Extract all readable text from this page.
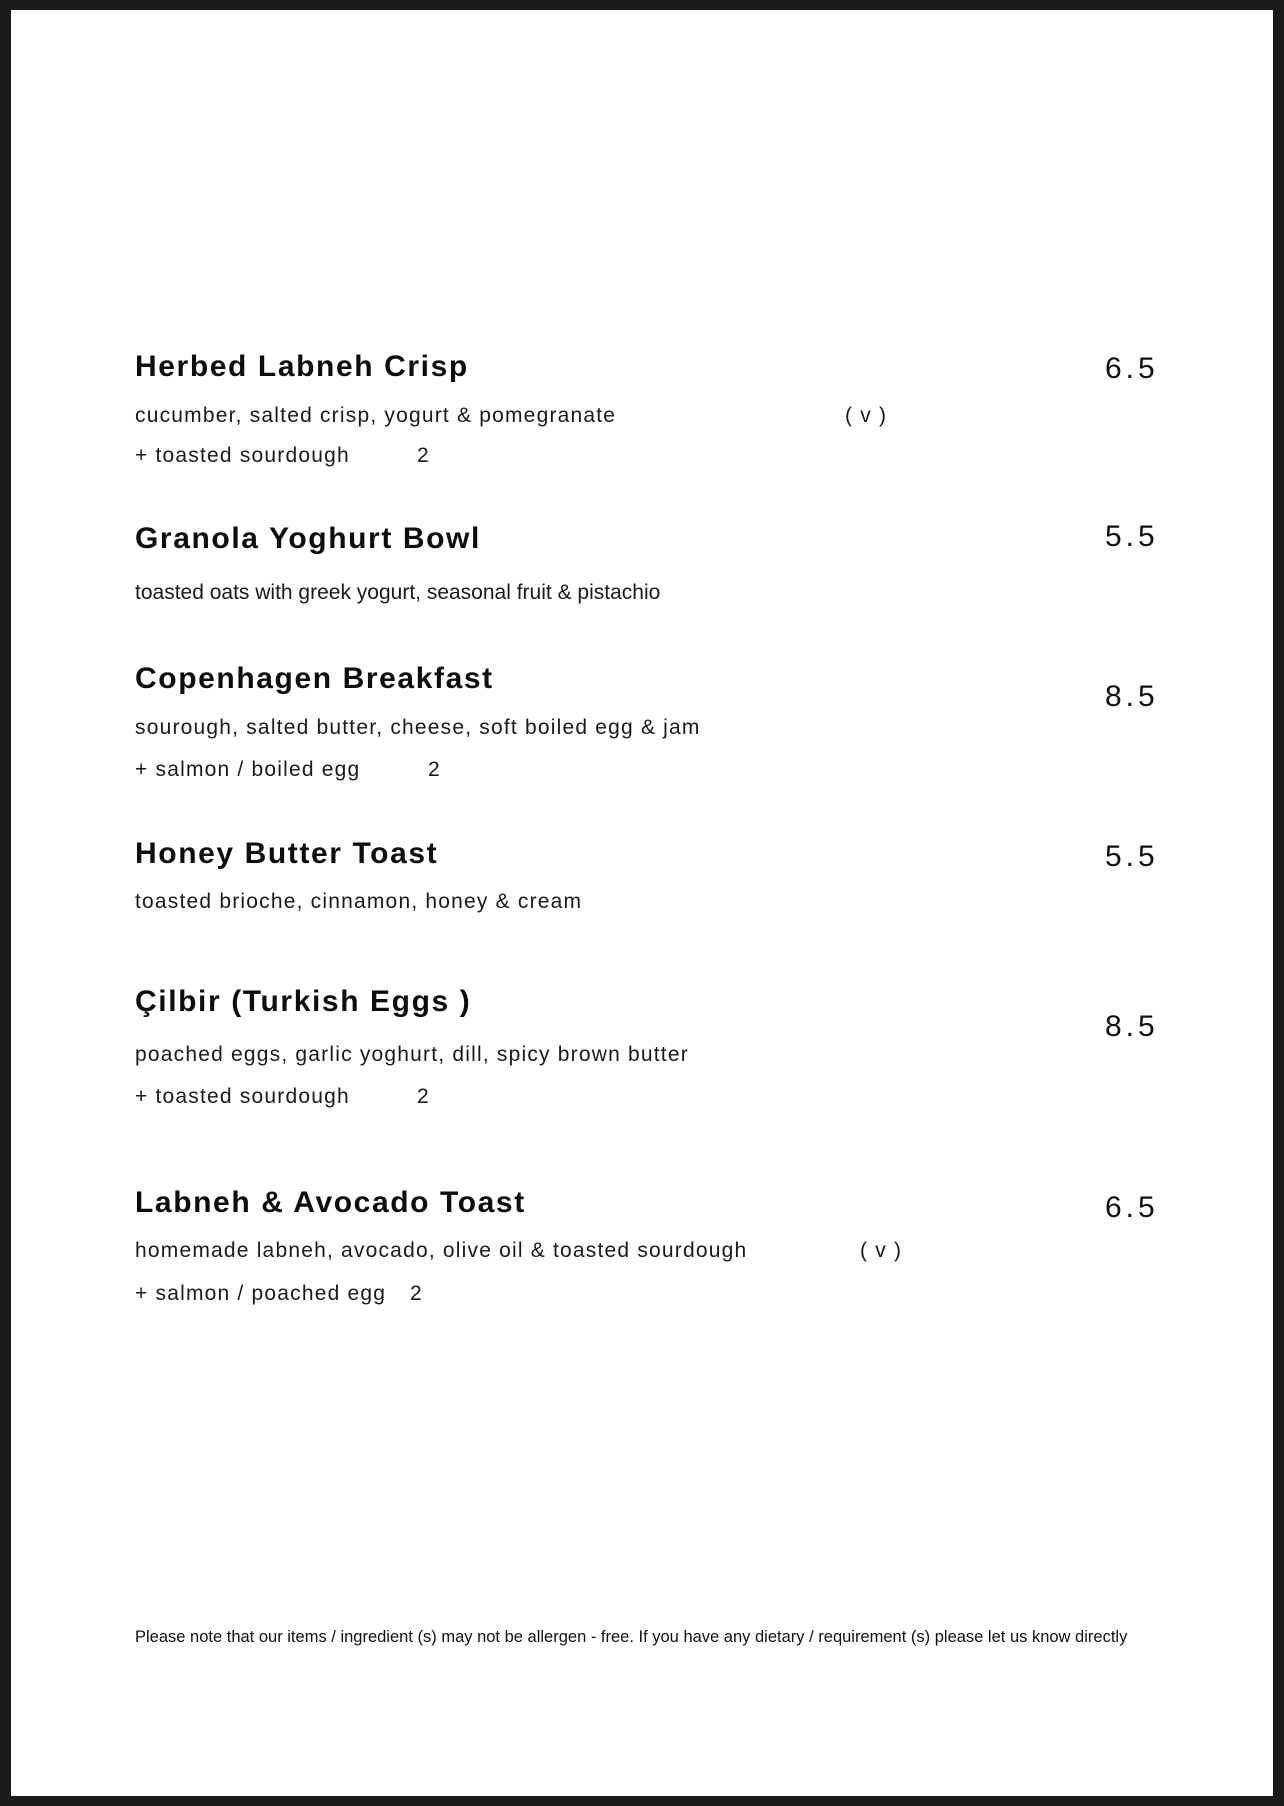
Herbed Labneh Crisp	6.5
cucumber, salted crisp, yogurt & pomegranate	( v )
+ toasted sourdough	2
Granola Yoghurt Bowl	5.5
toasted oats with greek yogurt, seasonal fruit & pistachio
Copenhagen Breakfast
8.5
sourough, salted butter, cheese, soft boiled egg & jam
+ salmon / boiled egg	2
Honey Butter Toast	5.5
toasted brioche, cinnamon, honey & cream
Çilbir (Turkish Eggs )
8.5
poached eggs, garlic yoghurt, dill, spicy brown butter
+ toasted sourdough	2
Labneh & Avocado Toast	6.5
homemade labneh, avocado, olive oil & toasted sourdough	( v )
+ salmon / poached egg 2
Please note that our items / ingredient (s) may not be allergen - free. If you have any dietary / requirement (s) please let us know directly
